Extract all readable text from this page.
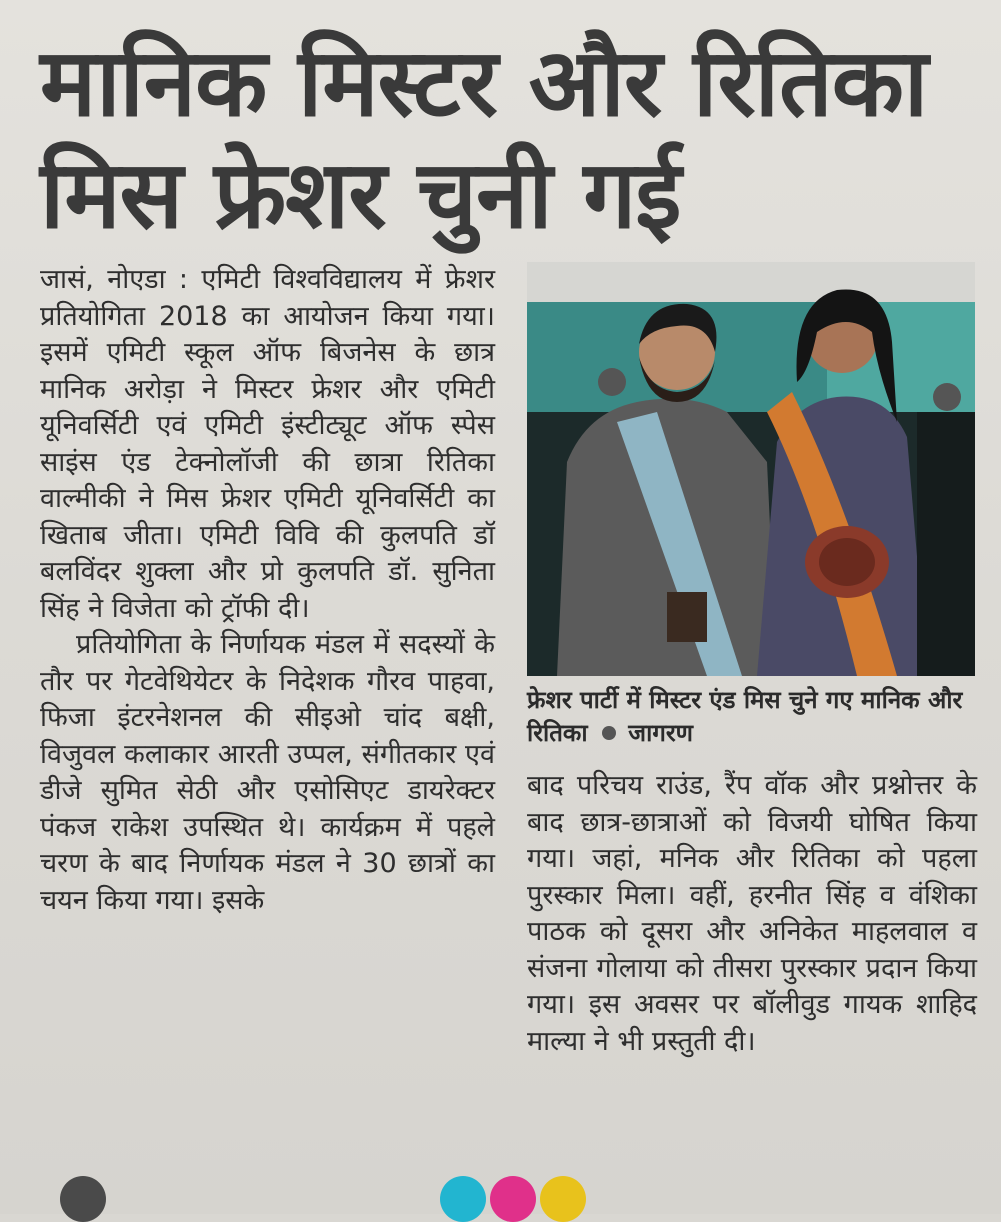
मानिक मिस्टर और रितिका
मिस फ्रेशर चुनी गई

जासं, नोएडा : एमिटी विश्वविद्यालय में फ्रेशर प्रतियोगिता 2018 का आयोजन किया गया। इसमें एमिटी स्कूल ऑफ बिजनेस के छात्र मानिक अरोड़ा ने मिस्टर फ्रेशर और एमिटी यूनिवर्सिटी एवं एमिटी इंस्टीट्यूट ऑफ स्पेस साइंस एंड टेक्नोलॉजी की छात्रा रितिका वाल्मीकी ने मिस फ्रेशर एमिटी यूनिवर्सिटी का खिताब जीता। एमिटी विवि की कुलपति डॉ बलविंदर शुक्ला और प्रो कुलपति डॉ. सुनिता सिंह ने विजेता को ट्रॉफी दी।

प्रतियोगिता के निर्णायक मंडल में सदस्यों के तौर पर गेटवेथियेटर के निदेशक गौरव पाहवा, फिजा इंटरनेशनल की सीइओ चांद बक्षी, विजुवल कलाकार आरती उप्पल, संगीतकार एवं डीजे सुमित सेठी और एसोसिएट डायरेक्टर पंकज राकेश उपस्थित थे। कार्यक्रम में पहले चरण के बाद निर्णायक मंडल ने 30 छात्रों का चयन किया गया। इसके

फ्रेशर पार्टी में मिस्टर एंड मिस चुने गए मानिक और रितिका जागरण

बाद परिचय राउंड, रैंप वॉक और प्रश्नोत्तर के बाद छात्र-छात्राओं को विजयी घोषित किया गया। जहां, मनिक और रितिका को पहला पुरस्कार मिला। वहीं, हरनीत सिंह व वंशिका पाठक को दूसरा और अनिकेत माहलवाल व संजना गोलाया को तीसरा पुरस्कार प्रदान किया गया। इस अवसर पर बॉलीवुड गायक शाहिद माल्या ने भी प्रस्तुती दी।
